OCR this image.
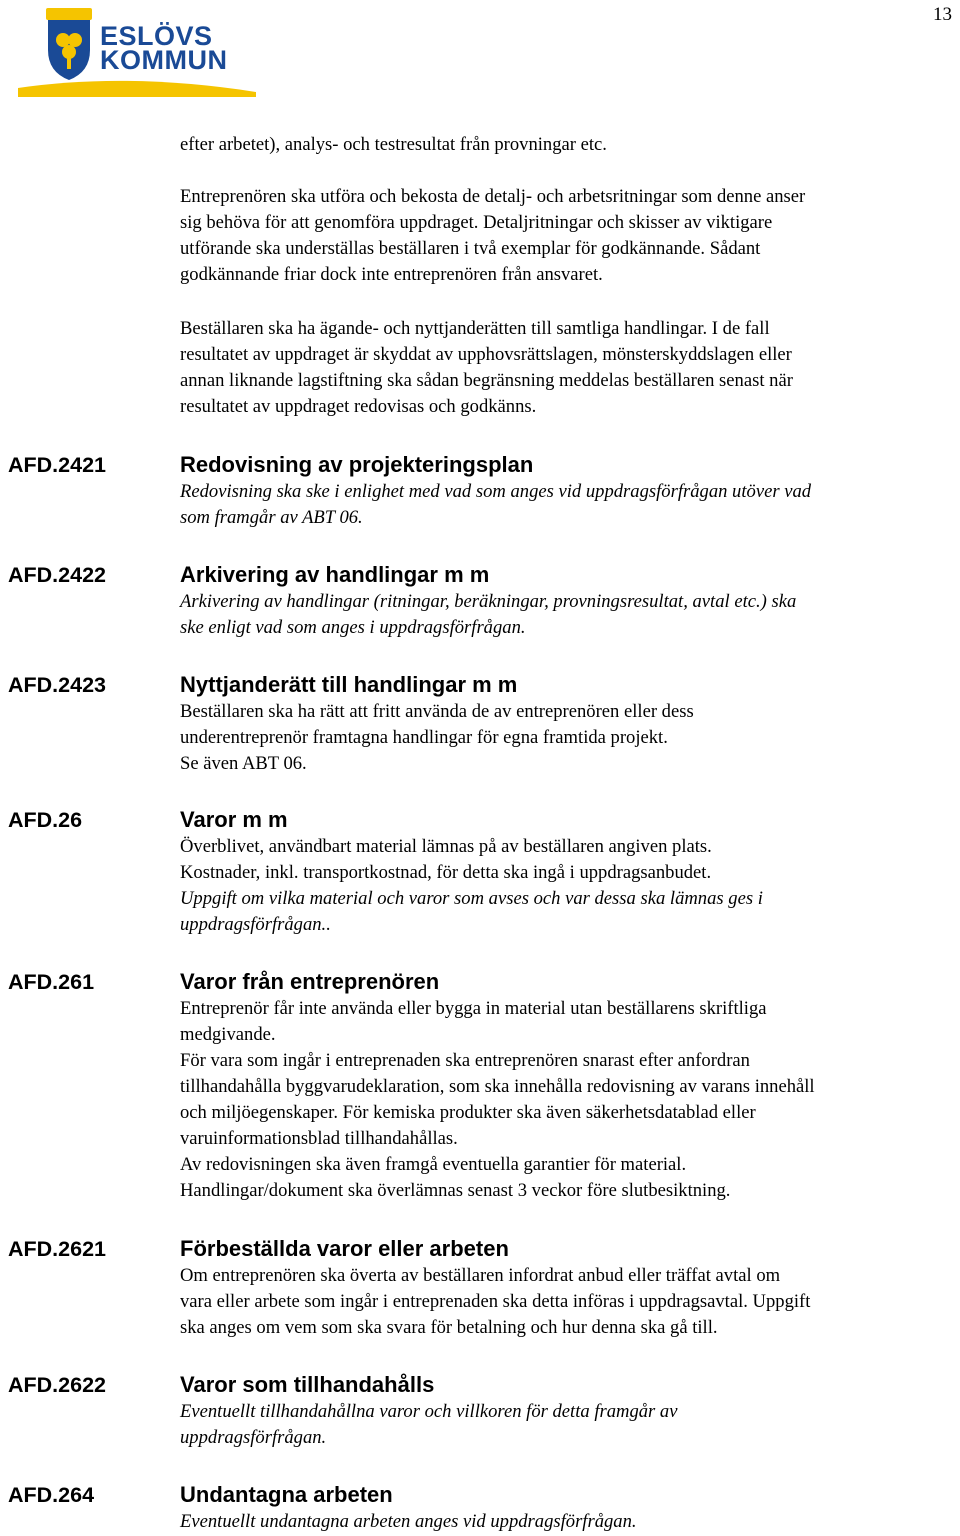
13
ESLÖVS
KOMMUN

efter arbetet), analys- och testresultat från provningar etc.

Entreprenören ska utföra och bekosta de detalj- och arbetsritningar som denne anser

sig behöva för att genomföra uppdraget. Detaljritningar och skisser av viktigare

utförande ska underställas beställaren i två exemplar för godkännande. Sådant

godkännande friar dock inte entreprenören från ansvaret.

Beställaren ska ha ägande- och nyttjanderätten till samtliga handlingar. I de fall

resultatet av uppdraget är skyddat av upphovsrättslagen, mönsterskyddslagen eller

annan liknande lagstiftning ska sådan begränsning meddelas beställaren senast när

resultatet av uppdraget redovisas och godkänns.

AFD.2421	Redovisning av projekteringsplan

Redovisning ska ske i enlighet med vad som anges vid uppdragsförfrågan utöver vad

som framgår av ABT 06.

AFD.2422	Arkivering av handlingar m m

Arkivering av handlingar (ritningar, beräkningar, provningsresultat, avtal etc.) ska

ske enligt vad som anges i uppdragsförfrågan.

AFD.2423	Nyttjanderätt till handlingar m m

Beställaren ska ha rätt att fritt använda de av entreprenören eller dess

underentreprenör framtagna handlingar för egna framtida projekt.

Se även ABT 06.

AFD.26	Varor m m

Överblivet, användbart material lämnas på av beställaren angiven plats.

Kostnader, inkl. transportkostnad, för detta ska ingå i uppdragsanbudet.

Uppgift om vilka material och varor som avses och var dessa ska lämnas ges i

uppdragsförfrågan..

AFD.261	Varor från entreprenören

Entreprenör får inte använda eller bygga in material utan beställarens skriftliga

medgivande.

För vara som ingår i entreprenaden ska entreprenören snarast efter anfordran

tillhandahålla byggvarudeklaration, som ska innehålla redovisning av varans innehåll

och miljöegenskaper. För kemiska produkter ska även säkerhetsdatablad eller

varuinformationsblad tillhandahållas.

Av redovisningen ska även framgå eventuella garantier för material.

Handlingar/dokument ska överlämnas senast 3 veckor före slutbesiktning.

AFD.2621	Förbeställda varor eller arbeten

Om entreprenören ska överta av beställaren infordrat anbud eller träffat avtal om

vara eller arbete som ingår i entreprenaden ska detta införas i uppdragsavtal. Uppgift

ska anges om vem som ska svara för betalning och hur denna ska gå till.

AFD.2622	Varor som tillhandahålls

Eventuellt tillhandahållna varor och villkoren för detta framgår av

uppdragsförfrågan.

AFD.264	Undantagna arbeten

Eventuellt undantagna arbeten anges vid uppdragsförfrågan.
